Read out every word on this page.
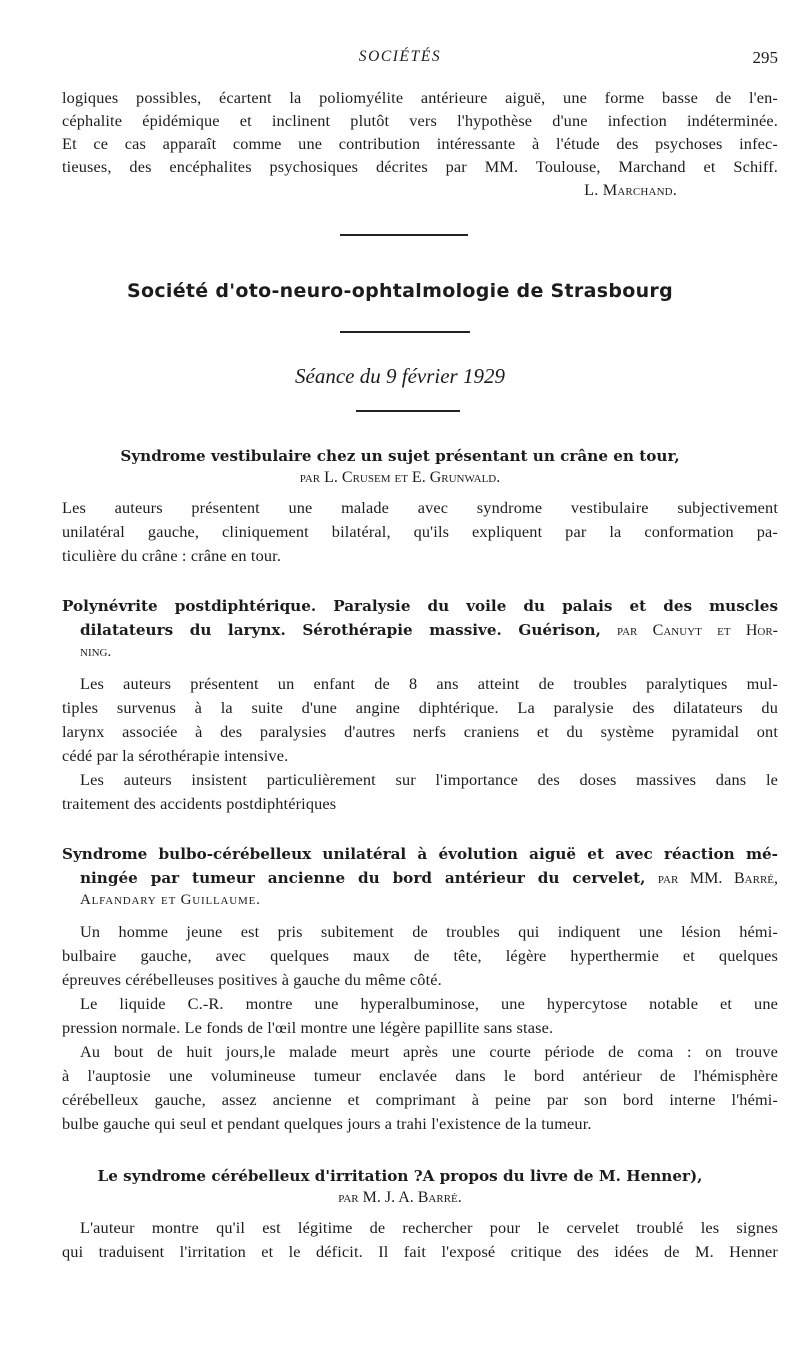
SOCIÉTÉS	295
logiques possibles, écartent la poliomyélite antérieure aiguë, une forme basse de l'en-
céphalite épidémique et inclinent plutôt vers l'hypothèse d'une infection indéterminée.
Et ce cas apparaît comme une contribution intéressante à l'étude des psychoses infec-
tieuses, des encéphalites psychosiques décrites par MM. Toulouse, Marchand et Schiff.
L. Marchand.
Société d'oto-neuro-ophtalmologie de Strasbourg
Séance du 9 février 1929
Syndrome vestibulaire chez un sujet présentant un crâne en tour,
par L. Crusem et E. Grunwald.
Les auteurs présentent une malade avec syndrome vestibulaire subjectivement
unilatéral gauche, cliniquement bilatéral, qu'ils expliquent par la conformation pa-
ticulière du crâne : crâne en tour.
Polynévrite postdiphtérique. Paralysie du voile du palais et des muscles
dilatateurs du larynx. Sérothérapie massive. Guérison, par Canuyt et Hor-
ning.
Les auteurs présentent un enfant de 8 ans atteint de troubles paralytiques mul-
tiples survenus à la suite d'une angine diphtérique. La paralysie des dilatateurs du
larynx associée à des paralysies d'autres nerfs craniens et du système pyramidal ont
cédé par la sérothérapie intensive.
Les auteurs insistent particulièrement sur l'importance des doses massives dans le
traitement des accidents postdiphtériques
Syndrome bulbo-cérébelleux unilatéral à évolution aiguë et avec réaction mé-
ningée par tumeur ancienne du bord antérieur du cervelet, par MM. Barré,
Alfandary et Guillaume.
Un homme jeune est pris subitement de troubles qui indiquent une lésion hémi-
bulbaire gauche, avec quelques maux de tête, légère hyperthermie et quelques
épreuves cérébelleuses positives à gauche du même côté.
Le liquide C.-R. montre une hyperalbuminose, une hypercytose notable et une
pression normale. Le fonds de l'œil montre une légère papillite sans stase.
Au bout de huit jours,le malade meurt après une courte période de coma : on trouve
à l'auptosie une volumineuse tumeur enclavée dans le bord antérieur de l'hémisphère
cérébelleux gauche, assez ancienne et comprimant à peine par son bord interne l'hémi-
bulbe gauche qui seul et pendant quelques jours a trahi l'existence de la tumeur.
Le syndrome cérébelleux d'irritation ?A propos du livre de M. Henner),
par M. J. A. Barré.
L'auteur montre qu'il est légitime de rechercher pour le cervelet troublé les signes
qui traduisent l'irritation et le déficit. Il fait l'exposé critique des idées de M. Henner
